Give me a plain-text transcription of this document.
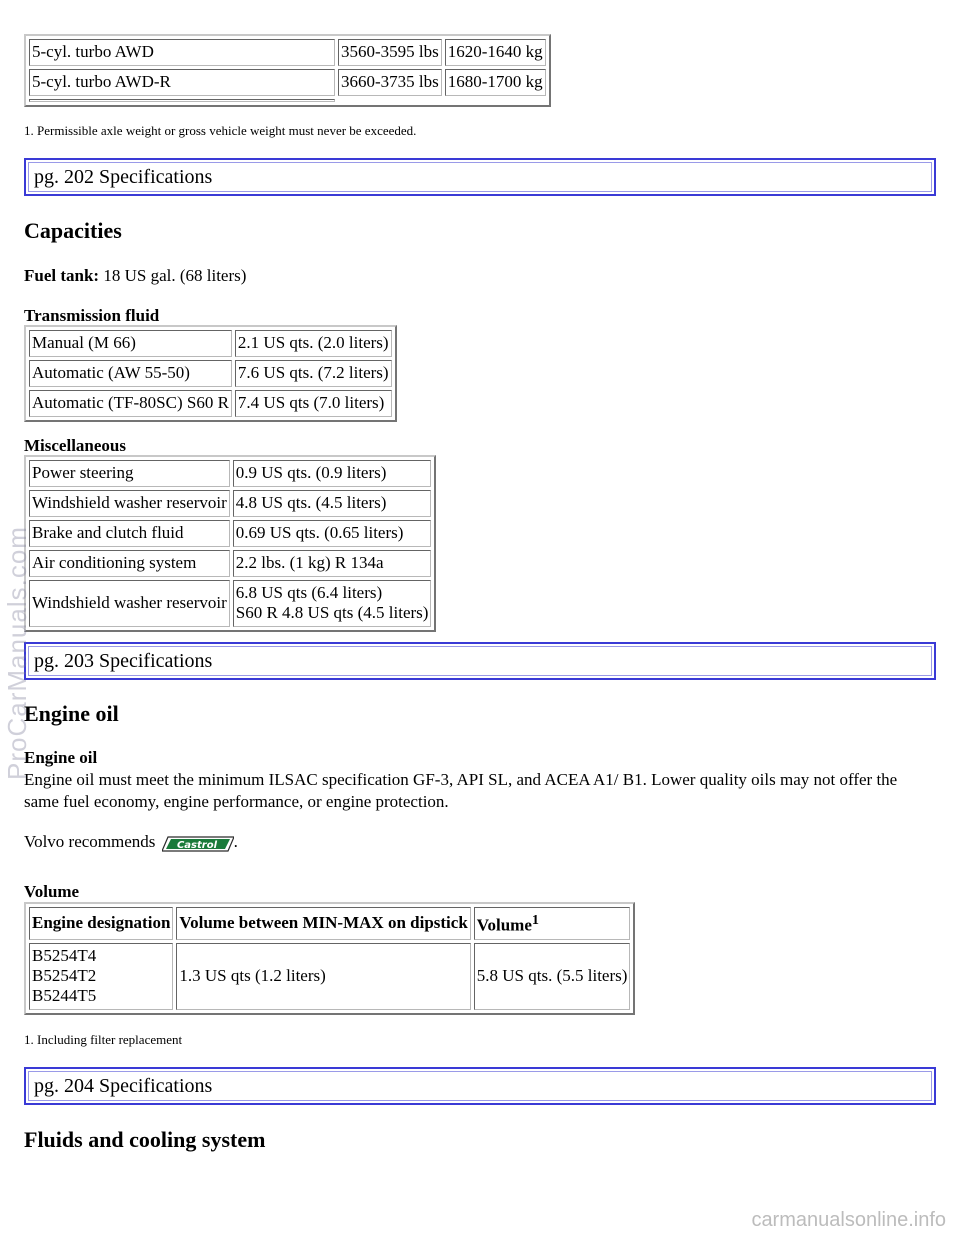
5-cyl. turbo AWD	3560-3595 lbs	1620-1640 kg
5-cyl. turbo AWD-R	3660-3735 lbs	1680-1700 kg

1. Permissible axle weight or gross vehicle weight must never be exceeded.
pg. 202 Specifications
Capacities

Fuel tank: 18 US gal. (68 liters)

Transmission fluid
Manual (M 66)	2.1 US qts. (2.0 liters)
Automatic (AW 55-50)	7.6 US qts. (7.2 liters)
Automatic (TF-80SC) S60 R	7.4 US qts (7.0 liters)
Miscellaneous
Power steering	0.9 US qts. (0.9 liters)
Windshield washer reservoir	4.8 US qts. (4.5 liters)
Brake and clutch fluid	0.69 US qts. (0.65 liters)
Air conditioning system	2.2 lbs. (1 kg) R 134a
Windshield washer reservoir	6.8 US qts (6.4 liters)
S60 R 4.8 US qts (4.5 liters)
pg. 203 Specifications
Engine oil
Engine oil

Engine oil must meet the minimum ILSAC specification GF-3, API SL, and ACEA A1/ B1. Lower quality oils may not offer the same fuel economy, engine performance, or engine protection.

Volvo recommends Castrol .

Volume
Engine designation	Volume between MIN-MAX on dipstick	Volume$^1$

B5254T4
B5254T2
B5244T5	1.3 US qts (1.2 liters)	5.8 US qts. (5.5 liters)
1. Including filter replacement
pg. 204 Specifications
Fluids and cooling system
ProCarManuals.com
carmanualsonline.info
